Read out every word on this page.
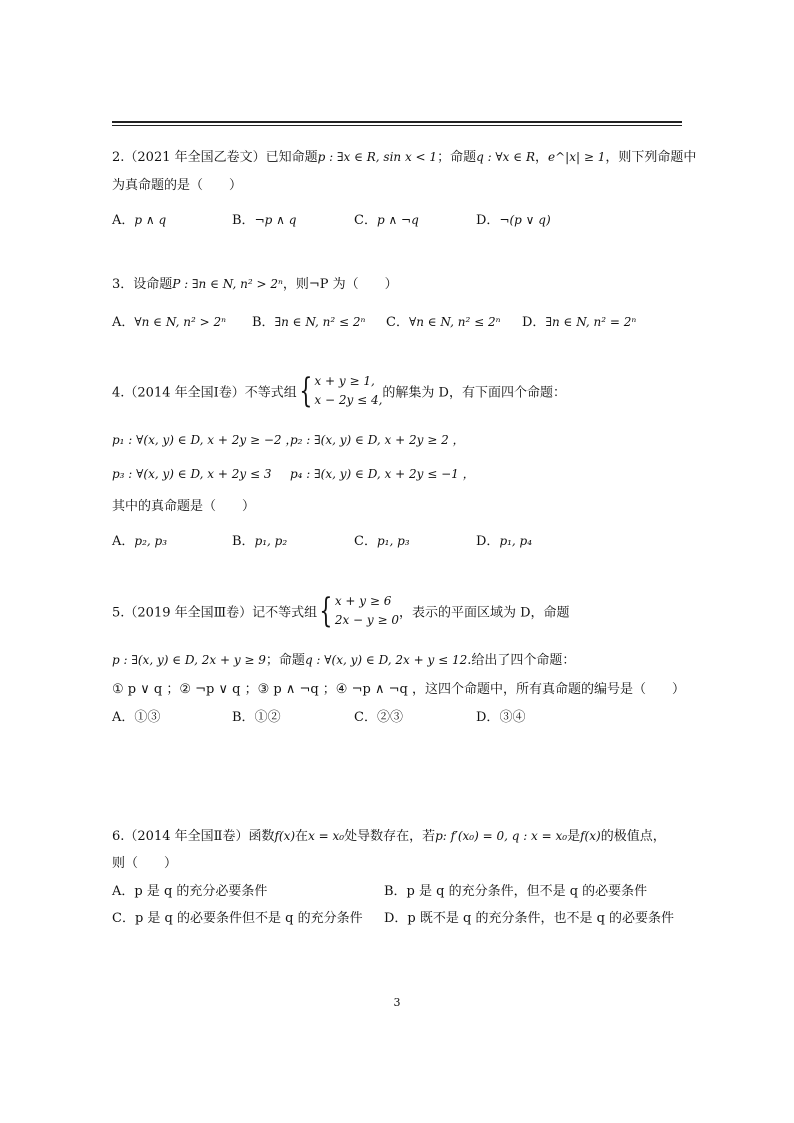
2.（2021 年全国乙卷文）已知命题p : ∃x ∈ R, sin x < 1；命题q : ∀x ∈ R，e^|x| ≥ 1，则下列命题中
为真命题的是（　　）
A．p ∧ q	B．¬p ∧ q	C．p ∧ ¬q	D．¬(p ∨ q)
3．设命题P : ∃n ∈ N, n² > 2ⁿ，则¬P 为（　　）
A．∀n ∈ N, n² > 2ⁿ B．∃n ∈ N, n² ≤ 2ⁿ C．∀n ∈ N, n² ≤ 2ⁿ D．∃n ∈ N, n² = 2ⁿ
4.（2014 年全国Ⅰ卷）不等式组{ x + y ≥ 1,
x − 2y ≤ 4,的解集为 D，有下面四个命题：
p₁ : ∀(x, y) ∈ D, x + 2y ≥ −2 ，
p₂ : ∃(x, y) ∈ D, x + 2y ≥ 2 ，
p₃ : ∀(x, y) ∈ D, x + 2y ≤ 3 p₄ : ∃(x, y) ∈ D, x + 2y ≤ −1 ，
其中的真命题是（　　）
A．p₂, p₃	B．p₁, p₂	C．p₁, p₃	D．p₁, p₄
5.（2019 年全国Ⅲ卷）记不等式组{ x + y ≥ 6
2x − y ≥ 0，表示的平面区域为 D，命题
p : ∃(x, y) ∈ D, 2x + y ≥ 9；命题q : ∀(x, y) ∈ D, 2x + y ≤ 12.给出了四个命题：
① p ∨ q ；② ¬p ∨ q ；③ p ∧ ¬q ；④ ¬p ∧ ¬q ，这四个命题中，所有真命题的编号是（　　）
A．①③	B．①②	C．②③	D．③④
6.（2014 年全国Ⅱ卷）函数f(x)在x = x₀处导数存在，若p: f′(x₀) = 0, q : x = x₀是f(x)的极值点，
则（　　）
A．p 是 q 的充分必要条件	B．p 是 q 的充分条件，但不是 q 的必要条件
C．p 是 q 的必要条件但不是 q 的充分条件 D．p 既不是 q 的充分条件，也不是 q 的必要条件
3
